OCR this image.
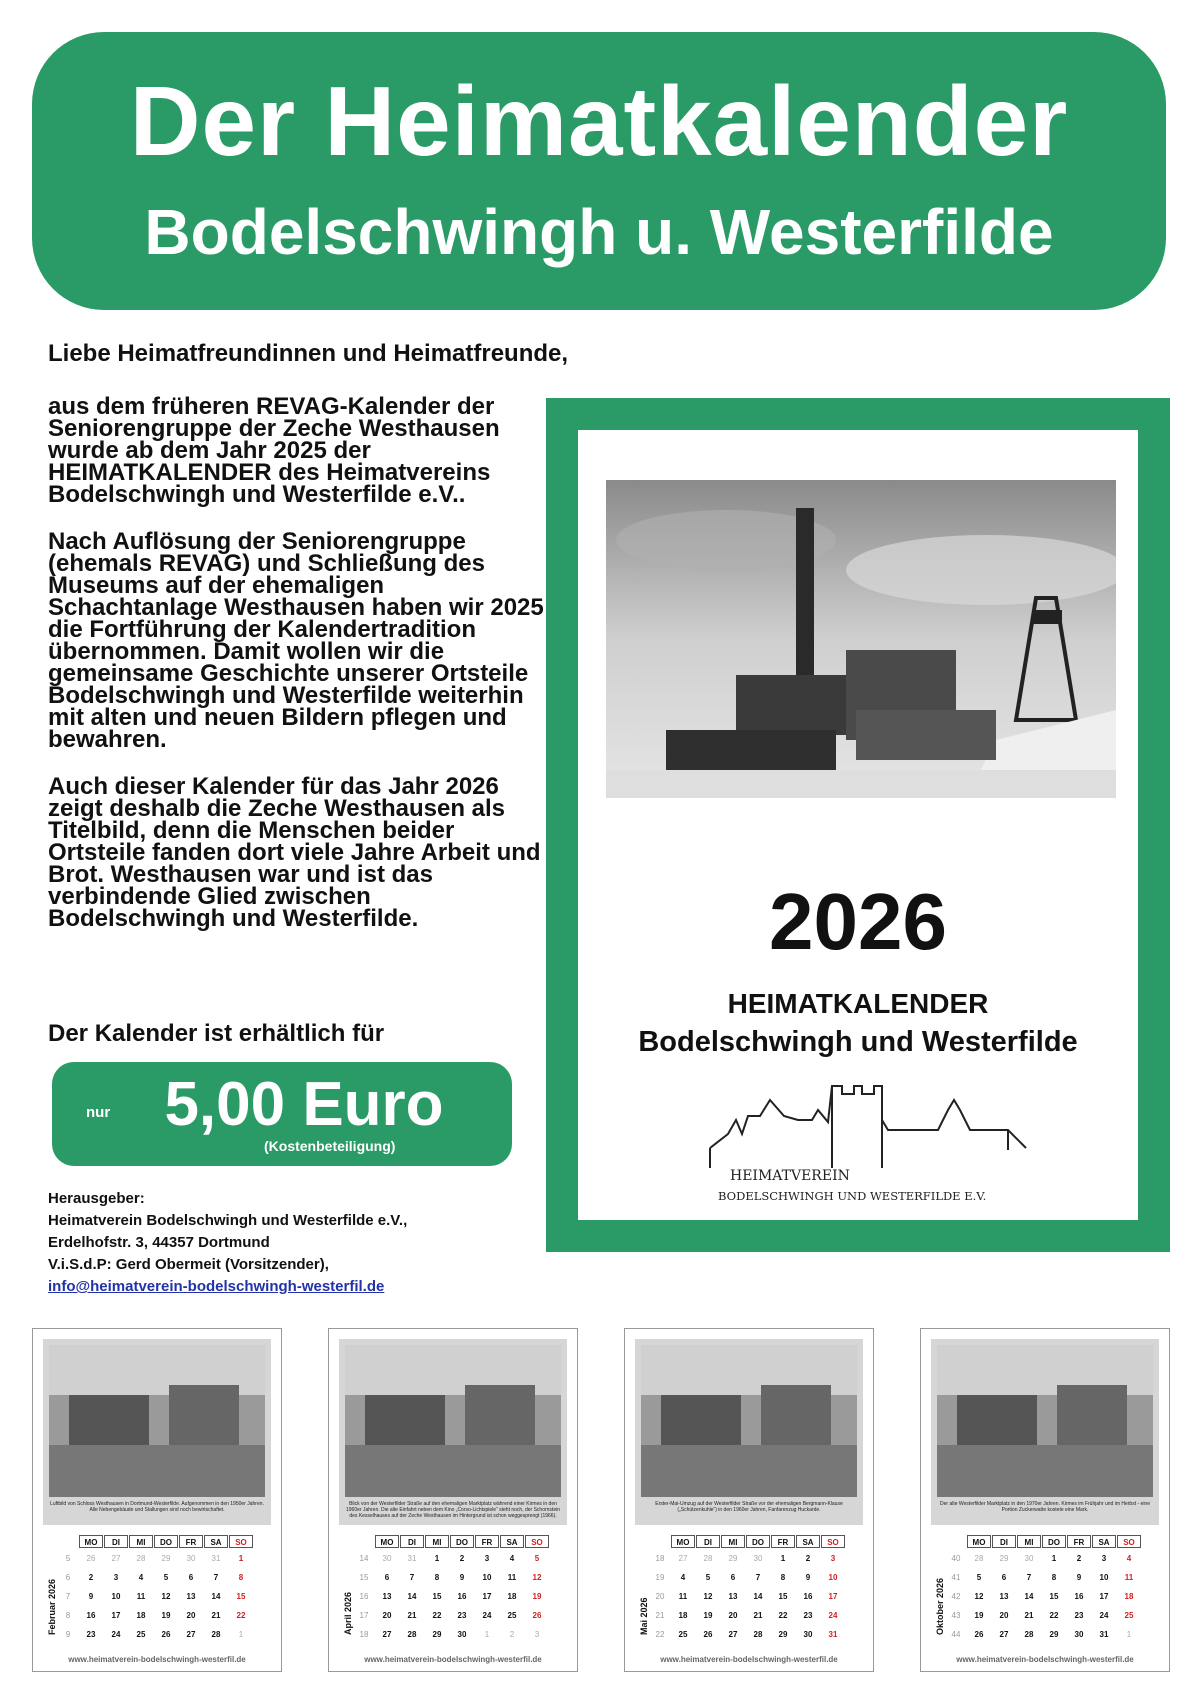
Der Heimatkalender
Bodelschwingh u. Westerfilde
Liebe Heimatfreundinnen und Heimatfreunde,

aus dem früheren REVAG-Kalender der Seniorengruppe der Zeche Westhausen wurde ab dem Jahr 2025 der HEIMATKALENDER des Heimatvereins Bodelschwingh und Westerfilde e.V..

Nach Auflösung der Seniorengruppe (ehemals REVAG) und Schließung des Museums auf der ehemaligen Schachtanlage Westhausen haben wir 2025 die Fortführung der Kalendertradition übernommen. Damit wollen wir die gemeinsame Geschichte unserer Ortsteile Bodelschwingh und Westerfilde weiterhin mit alten und neuen Bildern pflegen und bewahren.

Auch dieser Kalender für das Jahr 2026 zeigt deshalb die Zeche Westhausen als Titelbild, denn die Menschen beider Ortsteile fanden dort viele Jahre Arbeit und Brot. Westhausen war und ist das verbindende Glied zwischen Bodelschwingh und Westerfilde.

Der Kalender ist erhältlich für
nur 5,00 Euro
(Kostenbeteiligung)
Herausgeber:
Heimatverein Bodelschwingh und Westerfilde e.V.,
Erdelhofstr. 3, 44357 Dortmund
V.i.S.d.P: Gerd Obermeit (Vorsitzender),
info@heimatverein-bodelschwingh-westerfil.de
2026
HEIMATKALENDER
Bodelschwingh und Westerfilde
HEIMATVEREIN
BODELSCHWINGH UND WESTERFILDE E.V.
Luftbild von Schloss Westhausen in Dortmund-Westerfilde. Aufgenommen in den 1950er Jahren. Alle Nebengebäude und Stallungen sind noch bewirtschaftet.
Februar 2026
MO	DI	MI	DO	FR	SA	SO
5	26	27	28	29	30	31	1
6	2	3	4	5	6	7	8
7	9	10	11	12	13	14	15
8	16	17	18	19	20	21	22
9	23	24	25	26	27	28	1
www.heimatverein-bodelschwingh-westerfil.de
Blick von der Westerfilder Straße auf den ehemaligen Marktplatz während einer Kirmes in den 1960er Jahren. Die alte Einfahrt neben dem Kino „Corso-Lichtspiele“ steht noch, der Schornstein des Kesselhauses auf der Zeche Westhausen im Hintergrund ist schon weggesprengt (1966).
April 2026
MO	DI	MI	DO	FR	SA	SO
14	30	31	1	2	3	4	5
15	6	7	8	9	10	11	12
16	13	14	15	16	17	18	19
17	20	21	22	23	24	25	26
18	27	28	29	30	1	2	3
www.heimatverein-bodelschwingh-westerfil.de
Erster-Mai-Umzug auf der Westerfilder Straße vor der ehemaligen Bergmann-Klause („Schützenkuhle“) in den 1960er Jahren, Fanfarenzug Huckarde.
Mai 2026
MO	DI	MI	DO	FR	SA	SO
18	27	28	29	30	1	2	3
19	4	5	6	7	8	9	10
20	11	12	13	14	15	16	17
21	18	19	20	21	22	23	24
22	25	26	27	28	29	30	31
www.heimatverein-bodelschwingh-westerfil.de
Der alte Westerfilder Marktplatz in den 1970er Jahren. Kirmes im Frühjahr und im Herbst - eine Portion Zuckerwatte kostete eine Mark.
Oktober 2026
MO	DI	MI	DO	FR	SA	SO
40	28	29	30	1	2	3	4
41	5	6	7	8	9	10	11
42	12	13	14	15	16	17	18
43	19	20	21	22	23	24	25
44	26	27	28	29	30	31	1
www.heimatverein-bodelschwingh-westerfil.de
